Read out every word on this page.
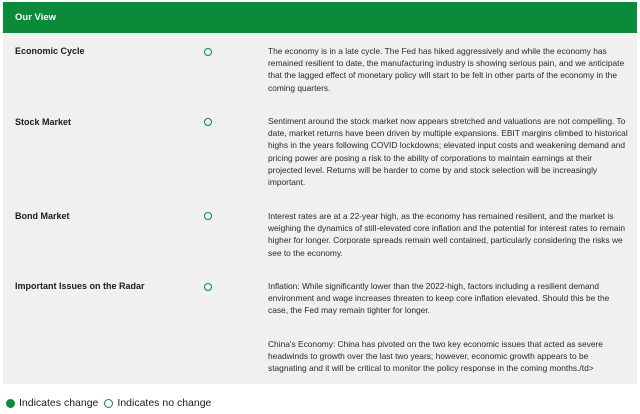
Our View
Economic Cycle	The economy is in a late cycle. The Fed has hiked aggressively and while the economy has remained resilient to date, the manufacturing industry is showing serious pain, and we anticipate that the lagged effect of monetary policy will start to be felt in other parts of the economy in the coming quarters.
Stock Market	Sentiment around the stock market now appears stretched and valuations are not compelling. To date, market returns have been driven by multiple expansions. EBIT margins climbed to historical highs in the years following COVID lockdowns; elevated input costs and weakening demand and pricing power are posing a risk to the ability of corporations to maintain earnings at their projected level. Returns will be harder to come by and stock selection will be increasingly important.
Bond Market	Interest rates are at a 22-year high, as the economy has remained resilient, and the market is weighing the dynamics of still-elevated core inflation and the potential for interest rates to remain higher for longer. Corporate spreads remain well contained, particularly considering the risks we see to the economy.
Important Issues on the Radar	Inflation: While significantly lower than the 2022-high, factors including a resilient demand environment and wage increases threaten to keep core inflation elevated. Should this be the case, the Fed may remain tighter for longer.
China's Economy: China has pivoted on the two key economic issues that acted as severe headwinds to growth over the last two years; however, economic growth appears to be stagnating and it will be critical to monitor the policy response in the coming months./td>
Indicates change Indicates no change
